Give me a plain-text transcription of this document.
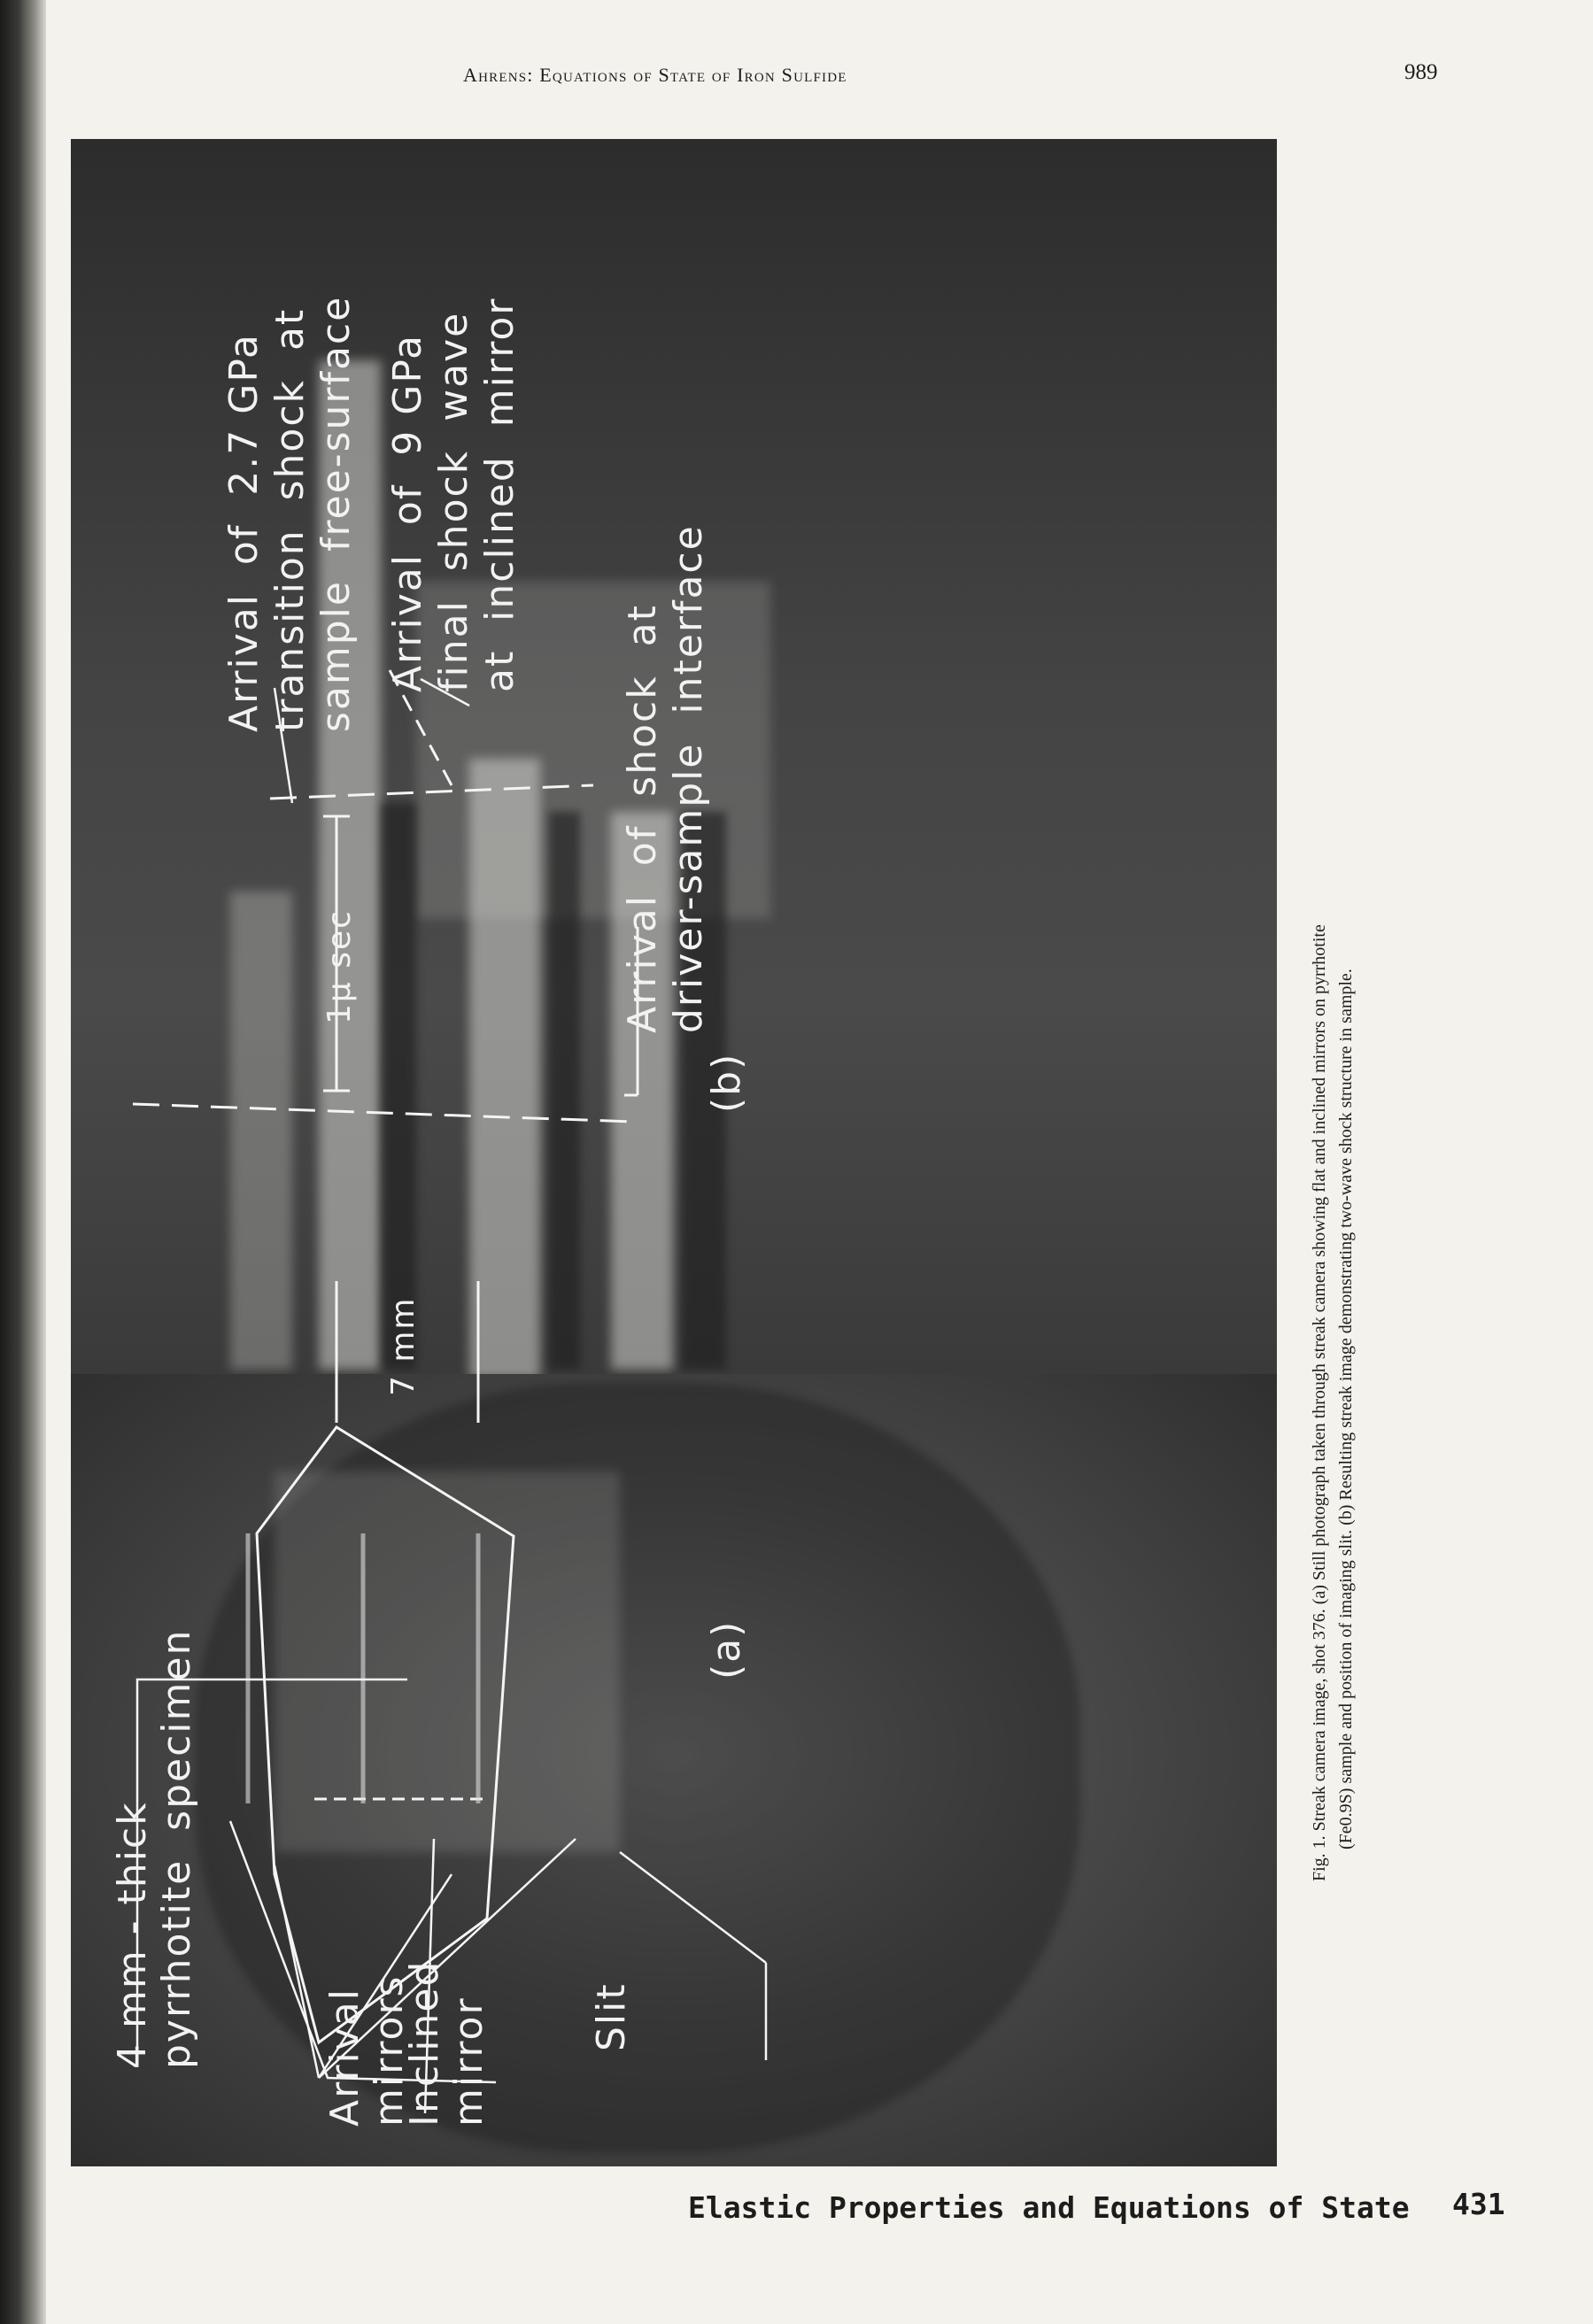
Ahrens: Equations of State of Iron Sulfide	989
4 mm - thick
pyrrhotite  specimen	Arrival
mirrors
Inclined
mirror	Slit
(a)
Arrival  of  2.7 GPa
transition  shock  at
sample  free-surface Arrival  of  9 GPa
final  shock  wave
at  inclined  mirror
Arrival  of  shock  at
driver-sample  interface
1μ sec
7 mm
(b)	Fig. 1. Streak camera image, shot 376. (a) Still photograph taken through streak camera showing flat and inclined mirrors on pyrrhotite (Fe0.9S) sample and position of imaging slit. (b) Resulting streak image demonstrating two-wave shock structure in sample.

Elastic Properties and Equations of State 431
